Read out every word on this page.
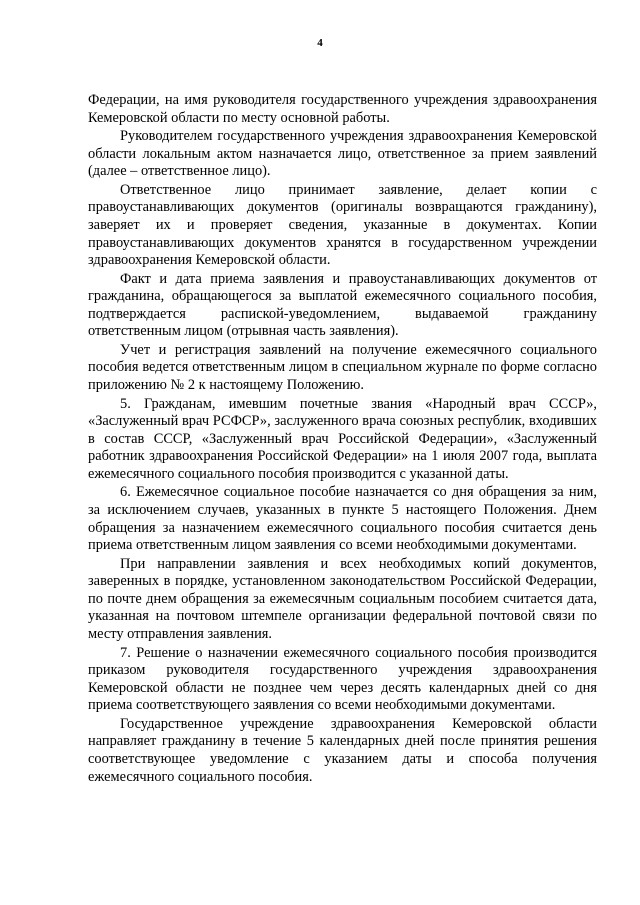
4

Федерации, на имя руководителя государственного учреждения здравоохранения Кемеровской области по месту основной работы.

Руководителем государственного учреждения здравоохранения Кемеровской области локальным актом назначается лицо, ответственное за прием заявлений (далее – ответственное лицо).

Ответственное лицо принимает заявление, делает копии с правоустанавливающих документов (оригиналы возвращаются гражданину), заверяет их и проверяет сведения, указанные в документах. Копии правоустанавливающих документов хранятся в государственном учреждении здравоохранения Кемеровской области.

Факт и дата приема заявления и правоустанавливающих документов от гражданина, обращающегося за выплатой ежемесячного социального пособия, подтверждается распиской-уведомлением, выдаваемой гражданину ответственным лицом (отрывная часть заявления).

Учет и регистрация заявлений на получение ежемесячного социального пособия ведется ответственным лицом в специальном журнале по форме согласно приложению № 2 к настоящему Положению.

5. Гражданам, имевшим почетные звания «Народный врач СССР», «Заслуженный врач РСФСР», заслуженного врача союзных республик, входивших в состав СССР, «Заслуженный врач Российской Федерации», «Заслуженный работник здравоохранения Российской Федерации» на 1 июля 2007 года, выплата ежемесячного социального пособия производится с указанной даты.

6. Ежемесячное социальное пособие назначается со дня обращения за ним, за исключением случаев, указанных в пункте 5 настоящего Положения. Днем обращения за назначением ежемесячного социального пособия считается день приема ответственным лицом заявления со всеми необходимыми документами.

При направлении заявления и всех необходимых копий документов, заверенных в порядке, установленном законодательством Российской Федерации, по почте днем обращения за ежемесячным социальным пособием считается дата, указанная на почтовом штемпеле организации федеральной почтовой связи по месту отправления заявления.

7. Решение о назначении ежемесячного социального пособия производится приказом руководителя государственного учреждения здравоохранения Кемеровской области не позднее чем через десять календарных дней со дня приема соответствующего заявления со всеми необходимыми документами.

Государственное учреждение здравоохранения Кемеровской области направляет гражданину в течение 5 календарных дней после принятия решения соответствующее уведомление с указанием даты и способа получения ежемесячного социального пособия.
